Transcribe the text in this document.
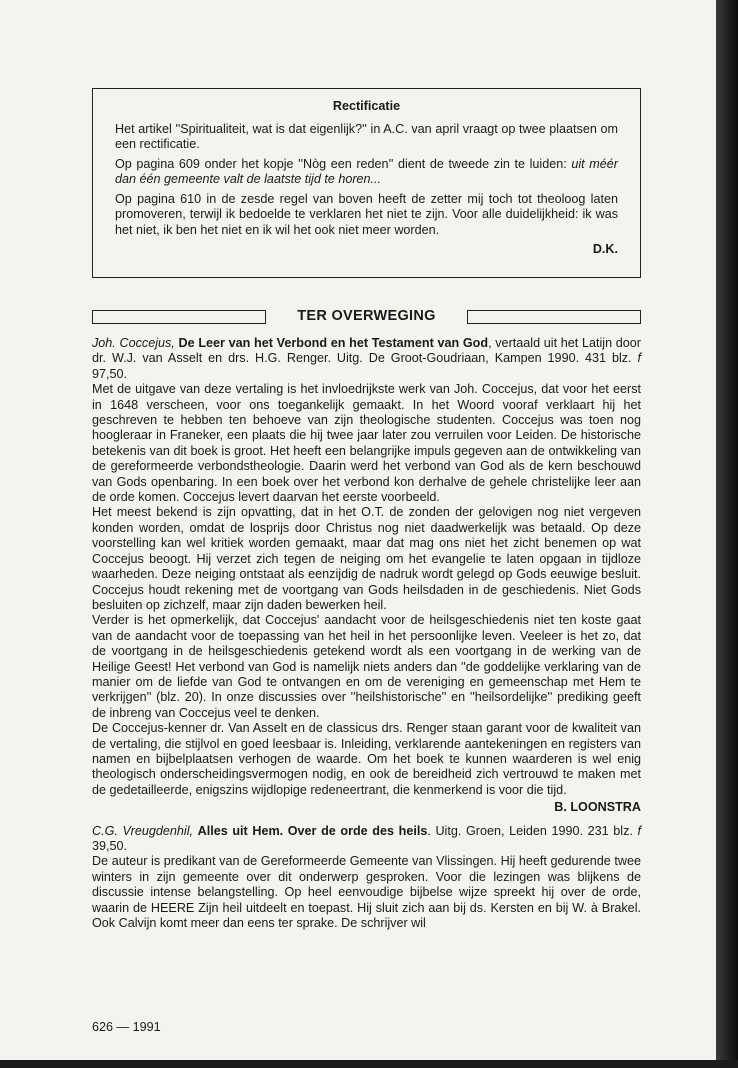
Rectificatie

Het artikel ''Spiritualiteit, wat is dat eigenlijk?'' in A.C. van april vraagt op twee plaatsen om een rectificatie.

Op pagina 609 onder het kopje ''Nòg een reden'' dient de tweede zin te luiden: uit méér dan één gemeente valt de laatste tijd te horen...

Op pagina 610 in de zesde regel van boven heeft de zetter mij toch tot theoloog laten promoveren, terwijl ik bedoelde te verklaren het niet te zijn. Voor alle duidelijkheid: ik was het niet, ik ben het niet en ik wil het ook niet meer worden.

D.K.
TER OVERWEGING

Joh. Coccejus, De Leer van het Verbond en het Testament van God, vertaald uit het Latijn door dr. W.J. van Asselt en drs. H.G. Renger. Uitg. De Groot-Goudriaan, Kampen 1990. 431 blz. f 97,50.

Met de uitgave van deze vertaling is het invloedrijkste werk van Joh. Coccejus, dat voor het eerst in 1648 verscheen, voor ons toegankelijk gemaakt. In het Woord vooraf verklaart hij het geschreven te hebben ten behoeve van zijn theologische studenten. Coccejus was toen nog hoogleraar in Franeker, een plaats die hij twee jaar later zou verruilen voor Leiden. De historische betekenis van dit boek is groot. Het heeft een belangrijke impuls gegeven aan de ontwikkeling van de gereformeerde verbondstheologie. Daarin werd het verbond van God als de kern beschouwd van Gods openbaring. In een boek over het verbond kon derhalve de gehele christelijke leer aan de orde komen. Coccejus levert daarvan het eerste voorbeeld.

Het meest bekend is zijn opvatting, dat in het O.T. de zonden der gelovigen nog niet vergeven konden worden, omdat de losprijs door Christus nog niet daadwerkelijk was betaald. Op deze voorstelling kan wel kritiek worden gemaakt, maar dat mag ons niet het zicht benemen op wat Coccejus beoogt. Hij verzet zich tegen de neiging om het evangelie te laten opgaan in tijdloze waarheden. Deze neiging ontstaat als eenzijdig de nadruk wordt gelegd op Gods eeuwige besluit. Coccejus houdt rekening met de voortgang van Gods heilsdaden in de geschiedenis. Niet Gods besluiten op zichzelf, maar zijn daden bewerken heil.

Verder is het opmerkelijk, dat Coccejus' aandacht voor de heilsgeschiedenis niet ten koste gaat van de aandacht voor de toepassing van het heil in het persoonlijke leven. Veeleer is het zo, dat de voortgang in de heilsgeschiedenis getekend wordt als een voortgang in de werking van de Heilige Geest! Het verbond van God is namelijk niets anders dan ''de goddelijke verklaring van de manier om de liefde van God te ontvangen en om de vereniging en gemeenschap met Hem te verkrijgen'' (blz. 20). In onze discussies over ''heilshistorische'' en ''heilsordelijke'' prediking geeft de inbreng van Coccejus veel te denken.

De Coccejus-kenner dr. Van Asselt en de classicus drs. Renger staan garant voor de kwaliteit van de vertaling, die stijlvol en goed leesbaar is. Inleiding, verklarende aantekeningen en registers van namen en bijbelplaatsen verhogen de waarde. Om het boek te kunnen waarderen is wel enig theologisch onderscheidingsvermogen nodig, en ook de bereidheid zich vertrouwd te maken met de gedetailleerde, enigszins wijdlopige redeneertrant, die kenmerkend is voor die tijd.

B. LOONSTRA

C.G. Vreugdenhil, Alles uit Hem. Over de orde des heils. Uitg. Groen, Leiden 1990. 231 blz. f 39,50.

De auteur is predikant van de Gereformeerde Gemeente van Vlissingen. Hij heeft gedurende twee winters in zijn gemeente over dit onderwerp gesproken. Voor die lezingen was blijkens de discussie intense belangstelling. Op heel eenvoudige bijbelse wijze spreekt hij over de orde, waarin de HEERE Zijn heil uitdeelt en toepast. Hij sluit zich aan bij ds. Kersten en bij W. à Brakel. Ook Calvijn komt meer dan eens ter sprake. De schrijver wil

626 — 1991
